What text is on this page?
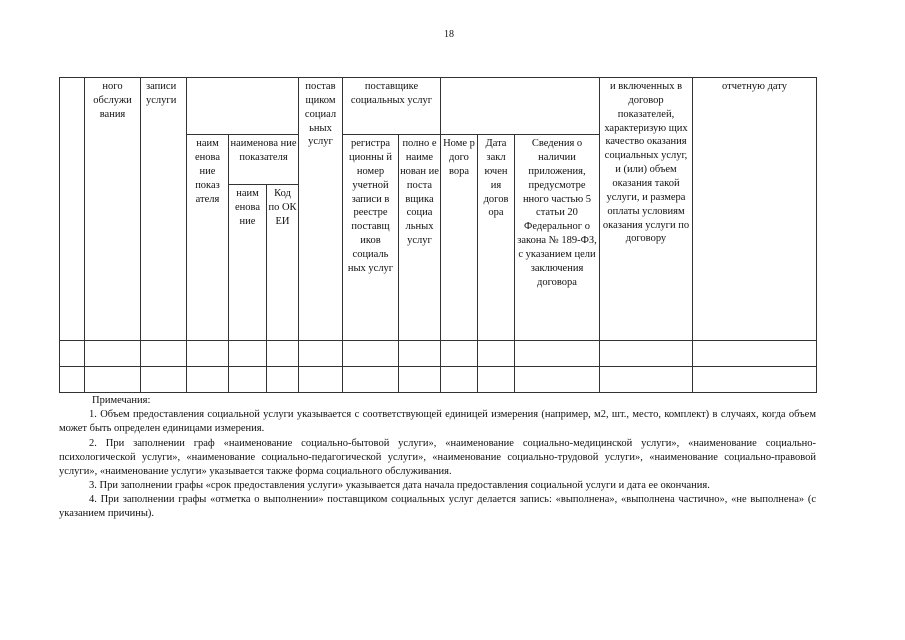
18
	ного обслужи вания	записи услуги				постав щиком социал ьных услуг	поставщике социальных услуг					и включенных в договор показателей, характеризую щих качество оказания социальных услуг, и (или) объем оказания такой услуги, и размера оплаты условиям оказания услуги по договору	отчетную дату
			наим енова ние показ ателя	наименова ние показателя			регистра ционны й номер учетной записи в реестре поставщ иков социаль ных услуг	полно е наиме нован ие поста вщика социа льных услуг	Номе р дого вора	Дата закл ючен ия догов ора	Сведения о наличии приложения, предусмотре нного частью 5 статьи 20 Федеральног о закона № 189-ФЗ, с указанием цели заключения договора		
				наим енова ние	Код по ОК ЕИ								

Примечания:

1. Объем предоставления социальной услуги указывается с соответствующей единицей измерения (например, м2, шт., место, комплект) в случаях, когда объем может быть определен единицами измерения.

2. При заполнении граф «наименование социально-бытовой услуги», «наименование социально-медицинской услуги», «наименование социально-психологической услуги», «наименование социально-педагогической услуги», «наименование социально-трудовой услуги», «наименование социально-правовой услуги», «наименование услуги» указывается также форма социального обслуживания.

3. При заполнении графы «срок предоставления услуги» указывается дата начала предоставления социальной услуги и дата ее окончания.

4. При заполнении графы «отметка о выполнении» поставщиком социальных услуг делается запись: «выполнена», «выполнена частично», «не выполнена» (с указанием причины).
